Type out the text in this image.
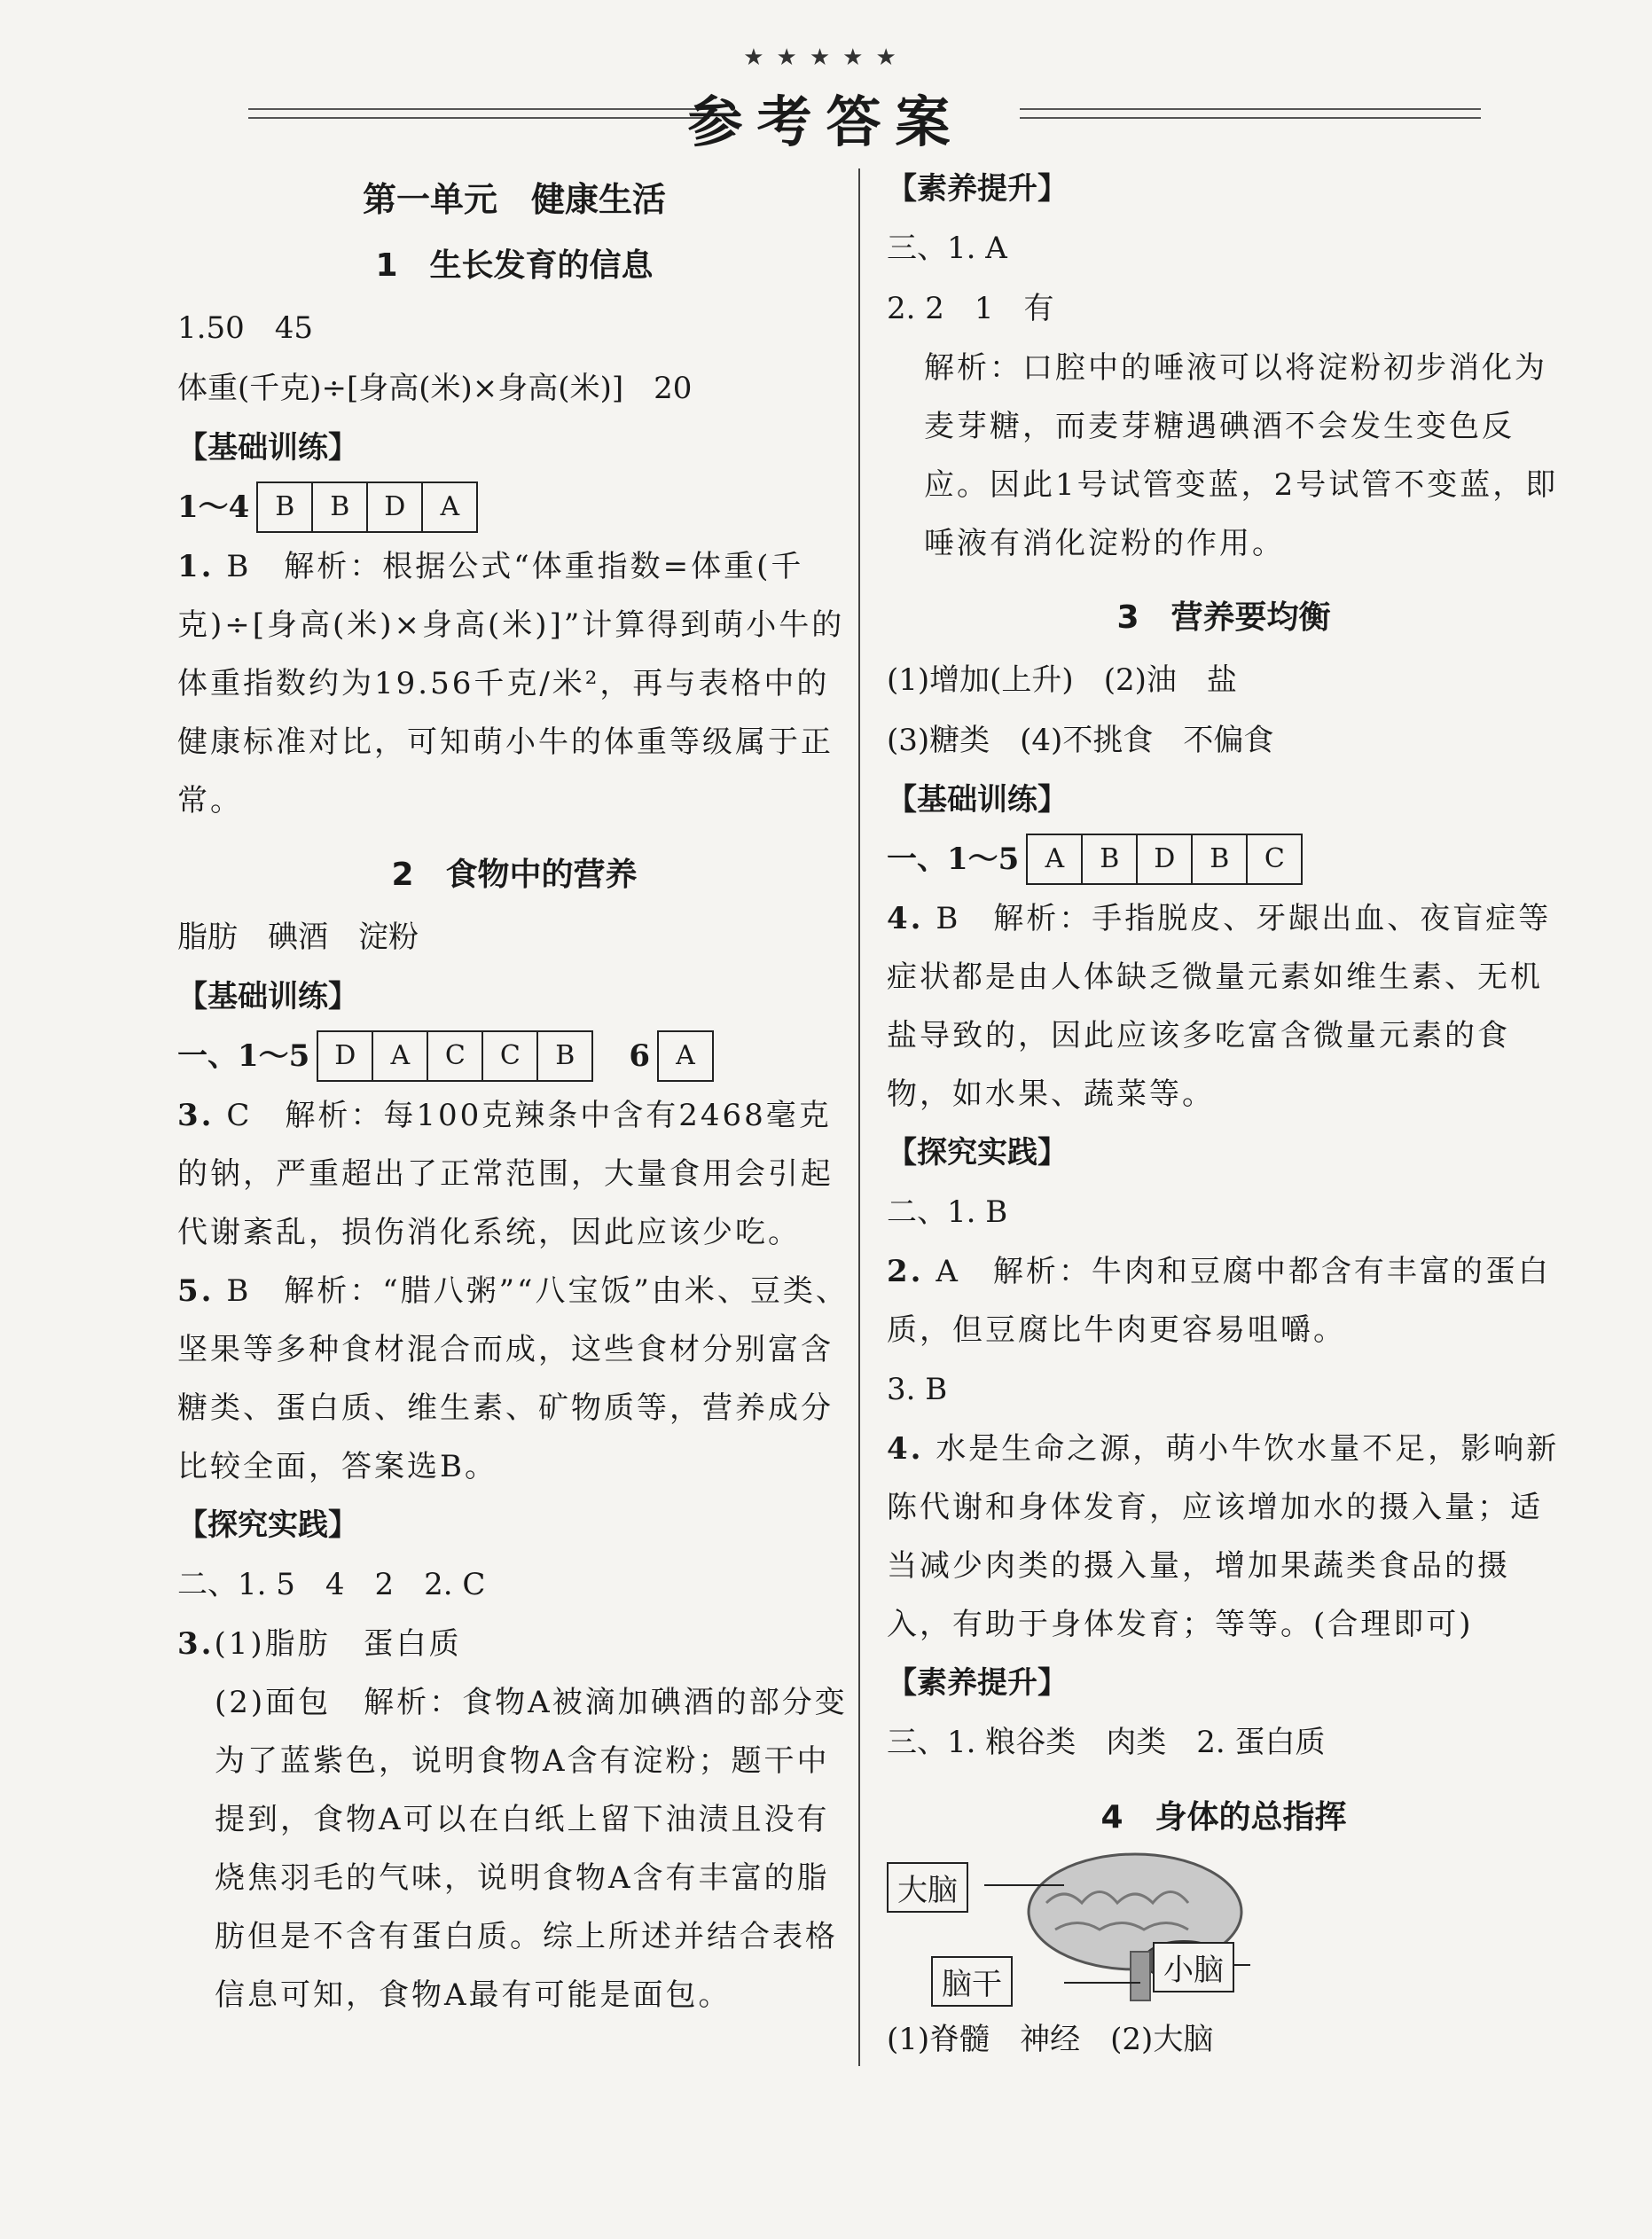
★★★★★
参考答案
第一单元　健康生活
1　生长发育的信息
1.50　45
体重(千克)÷[身高(米)×身高(米)]　20
【基础训练】
1～4 B	B	D	A
1. B　解析：根据公式“体重指数=体重(千克)÷[身高(米)×身高(米)]”计算得到萌小牛的体重指数约为19.56千克/米²，再与表格中的健康标准对比，可知萌小牛的体重等级属于正常。
2　食物中的营养
脂肪　碘酒　淀粉
【基础训练】
一、1～5 D	A	C	C	B	6 A
3. C　解析：每100克辣条中含有2468毫克的钠，严重超出了正常范围，大量食用会引起代谢紊乱，损伤消化系统，因此应该少吃。
5. B　解析：“腊八粥”“八宝饭”由米、豆类、坚果等多种食材混合而成，这些食材分别富含糖类、蛋白质、维生素、矿物质等，营养成分比较全面，答案选B。
【探究实践】
二、1. 5　4　2　2. C
3.(1)脂肪　蛋白质
(2)面包　解析：食物A被滴加碘酒的部分变为了蓝紫色，说明食物A含有淀粉；题干中提到，食物A可以在白纸上留下油渍且没有烧焦羽毛的气味，说明食物A含有丰富的脂肪但是不含有蛋白质。综上所述并结合表格信息可知，食物A最有可能是面包。
【素养提升】
三、1. A
2. 2　1　有
解析：口腔中的唾液可以将淀粉初步消化为麦芽糖，而麦芽糖遇碘酒不会发生变色反应。因此1号试管变蓝，2号试管不变蓝，即唾液有消化淀粉的作用。
3　营养要均衡
(1)增加(上升)　(2)油　盐
(3)糖类　(4)不挑食　不偏食
【基础训练】
一、1～5 A	B	D	B	C
4. B　解析：手指脱皮、牙龈出血、夜盲症等症状都是由人体缺乏微量元素如维生素、无机盐导致的，因此应该多吃富含微量元素的食物，如水果、蔬菜等。
【探究实践】
二、1. B
2. A　解析：牛肉和豆腐中都含有丰富的蛋白质，但豆腐比牛肉更容易咀嚼。
3. B
4. 水是生命之源，萌小牛饮水量不足，影响新陈代谢和身体发育，应该增加水的摄入量；适当减少肉类的摄入量，增加果蔬类食品的摄入，有助于身体发育；等等。(合理即可)
【素养提升】
三、1. 粮谷类　肉类　2. 蛋白质
4　身体的总指挥
大脑
脑干	小脑
(1)脊髓　神经　(2)大脑
